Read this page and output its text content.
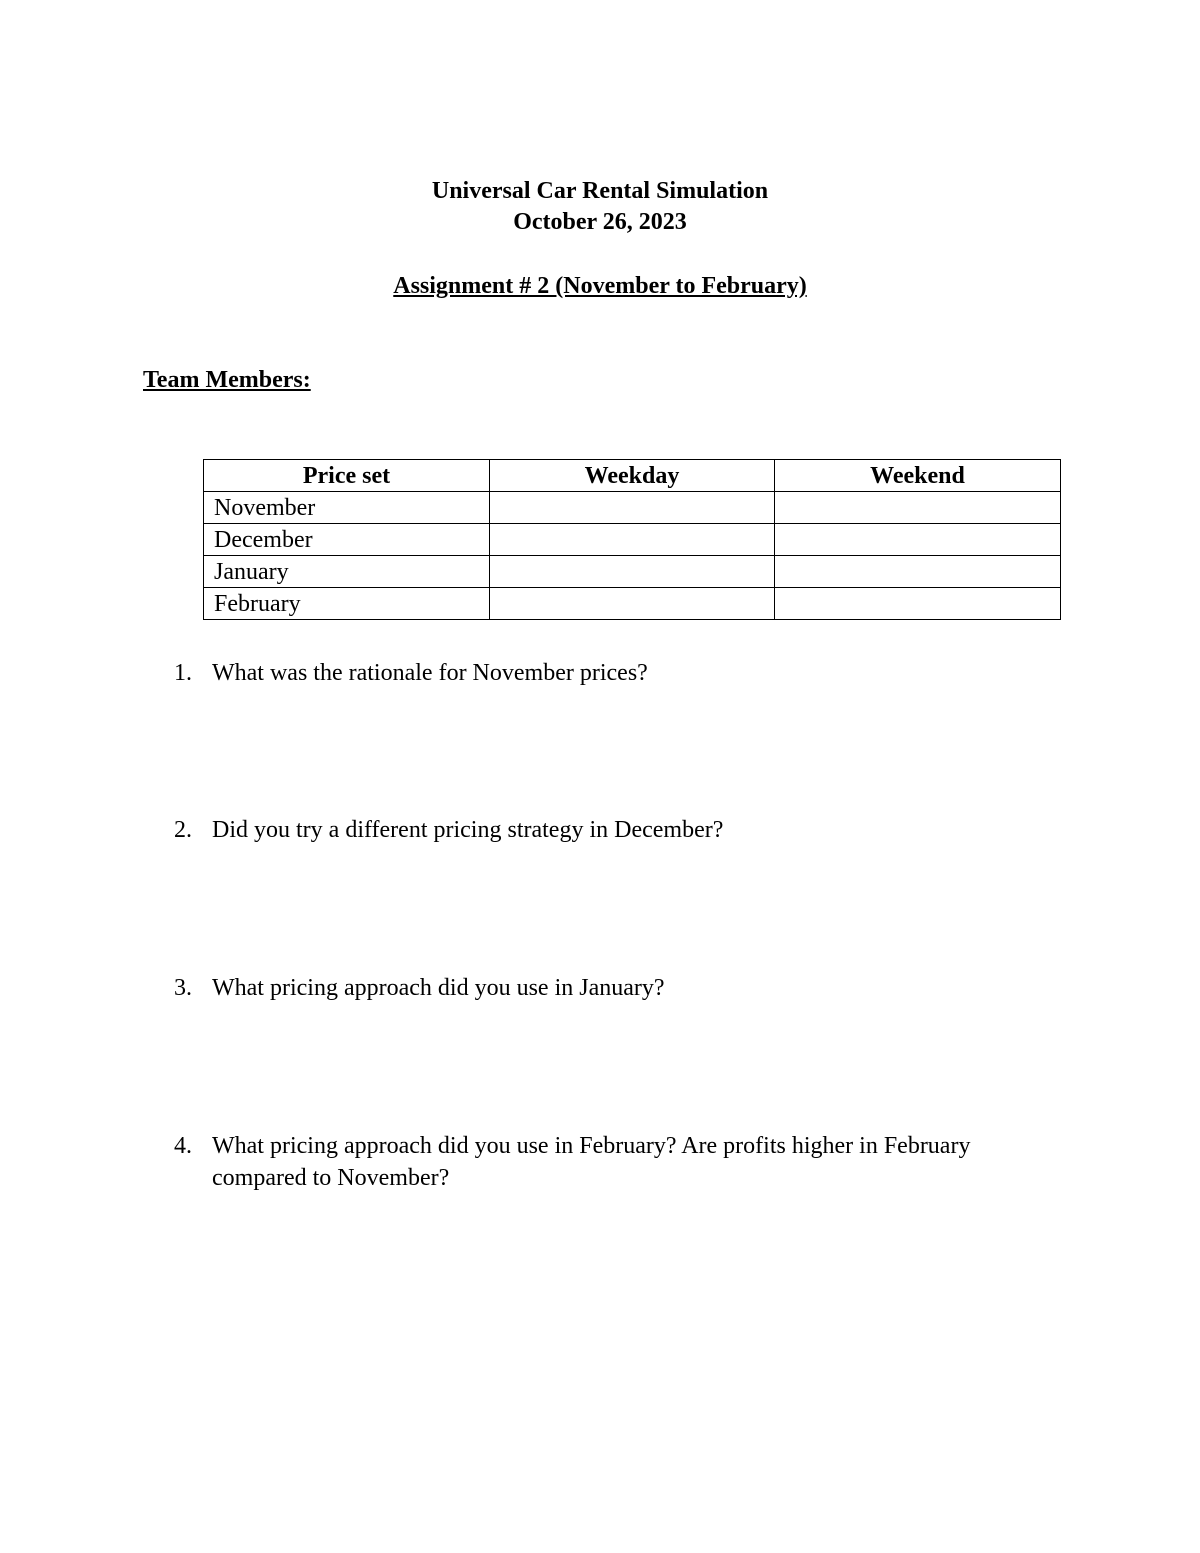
Universal Car Rental Simulation
October 26, 2023
Assignment # 2 (November to February)
Team Members:
Price set	Weekday	Weekend
November		
December		
January		
February		
1. What was the rationale for November prices?
2. Did you try a different pricing strategy in December?
3. What pricing approach did you use in January?
4. What pricing approach did you use in February? Are profits higher in February compared to November?
